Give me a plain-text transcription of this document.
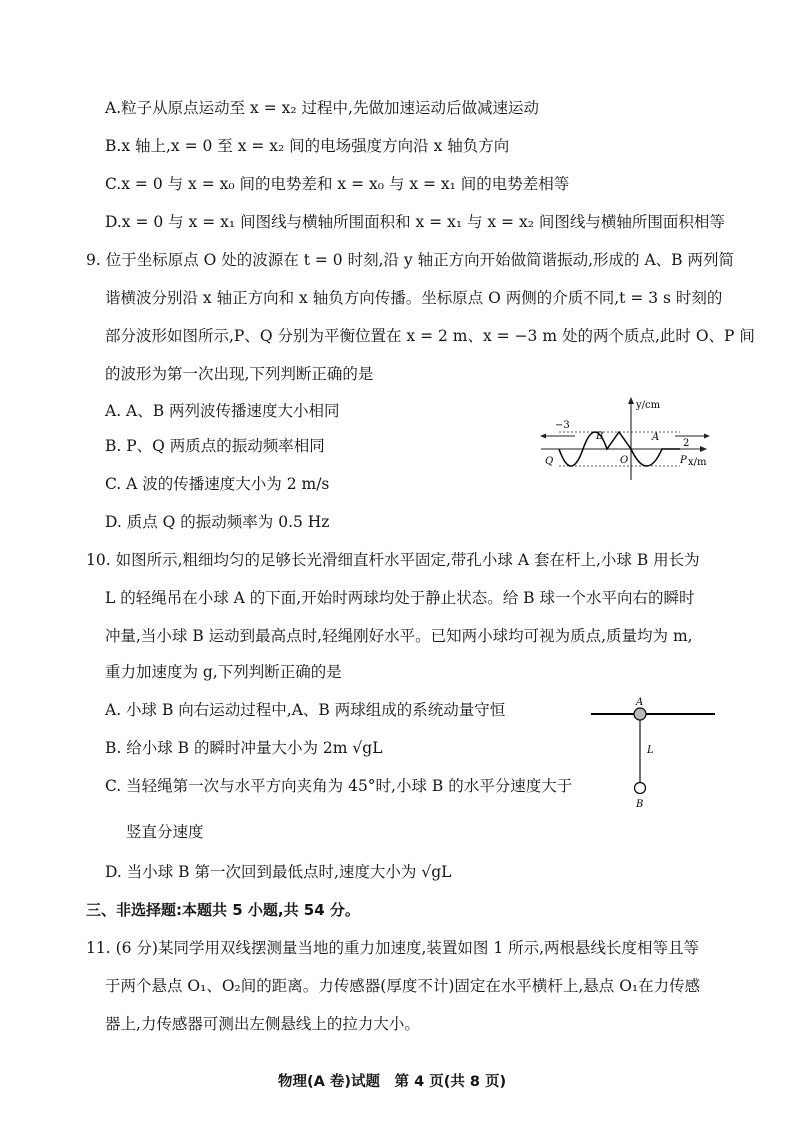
A.粒子从原点运动至 x = x₂ 过程中,先做加速运动后做减速运动
B.x 轴上,x = 0 至 x = x₂ 间的电场强度方向沿 x 轴负方向
C.x = 0 与 x = x₀ 间的电势差和 x = x₀ 与 x = x₁ 间的电势差相等
D.x = 0 与 x = x₁ 间图线与横轴所围面积和 x = x₁ 与 x = x₂ 间图线与横轴所围面积相等
9. 位于坐标原点 O 处的波源在 t = 0 时刻,沿 y 轴正方向开始做简谐振动,形成的 A、B 两列简
谐横波分别沿 x 轴正方向和 x 轴负方向传播。坐标原点 O 两侧的介质不同,t = 3 s 时刻的
部分波形如图所示,P、Q 分别为平衡位置在 x = 2 m、x = −3 m 处的两个质点,此时 O、P 间
的波形为第一次出现,下列判断正确的是
A. A、B 两列波传播速度大小相同
B. P、Q 两质点的振动频率相同
C. A 波的传播速度大小为 2 m/s
D. 质点 Q 的振动频率为 0.5 Hz
y/cm
x/m
−3
2
B	A
Q	O	P
10. 如图所示,粗细均匀的足够长光滑细直杆水平固定,带孔小球 A 套在杆上,小球 B 用长为
L 的轻绳吊在小球 A 的下面,开始时两球均处于静止状态。给 B 球一个水平向右的瞬时
冲量,当小球 B 运动到最高点时,轻绳刚好水平。已知两小球均可视为质点,质量均为 m,
重力加速度为 g,下列判断正确的是
A. 小球 B 向右运动过程中,A、B 两球组成的系统动量守恒
B. 给小球 B 的瞬时冲量大小为 2m √gL
C. 当轻绳第一次与水平方向夹角为 45°时,小球 B 的水平分速度大于
竖直分速度
D. 当小球 B 第一次回到最低点时,速度大小为 √gL
A
L
B
三、非选择题:本题共 5 小题,共 54 分。
11. (6 分)某同学用双线摆测量当地的重力加速度,装置如图 1 所示,两根悬线长度相等且等
于两个悬点 O₁、O₂间的距离。力传感器(厚度不计)固定在水平横杆上,悬点 O₁在力传感
器上,力传感器可测出左侧悬线上的拉力大小。
物理(A 卷)试题　第 4 页(共 8 页)
